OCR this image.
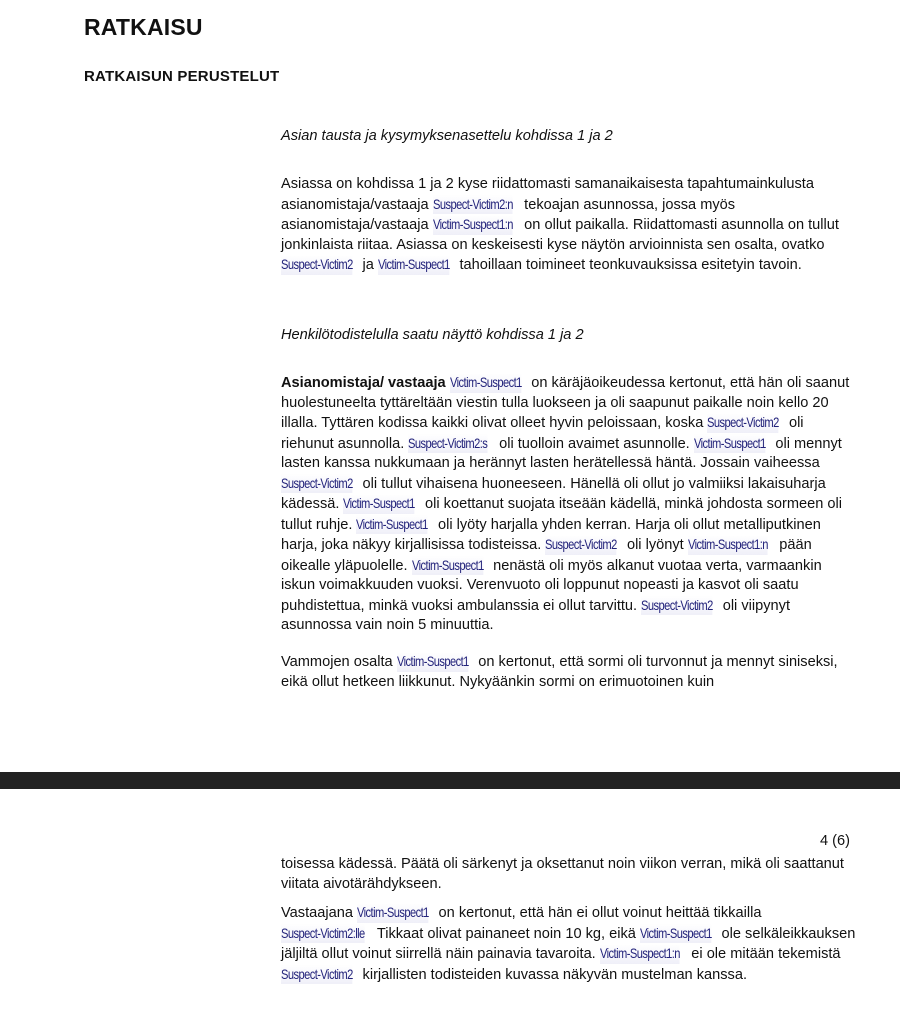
RATKAISU
RATKAISUN PERUSTELUT
Asian tausta ja kysymyksenasettelu kohdissa 1 ja 2
Asiassa on kohdissa 1 ja 2 kyse riidattomasti samanaikaisesta tapahtumainkulusta asianomistaja/vastaaja Suspect-Victim2:n tekoajan asunnossa, jossa myös asianomistaja/vastaaja Victim-Suspect1:n on ollut paikalla. Riidattomasti asunnolla on tullut jonkinlaista riitaa. Asiassa on keskeisesti kyse näytön arvioinnista sen osalta, ovatko Suspect-Victim2 ja Victim-Suspect1 tahoillaan toimineet teonkuvauksissa esitetyin tavoin.
Henkilötodistelulla saatu näyttö kohdissa 1 ja 2
Asianomistaja/ vastaaja Victim-Suspect1 on käräjäoikeudessa kertonut, että hän oli saanut huolestuneelta tyttäreltään viestin tulla luokseen ja oli saapunut paikalle noin kello 20 illalla. Tyttären kodissa kaikki olivat olleet hyvin peloissaan, koska Suspect-Victim2 oli riehunut asunnolla. Suspect-Victim2:s oli tuolloin avaimet asunnolle. Victim-Suspect1 oli mennyt lasten kanssa nukkumaan ja herännyt lasten herätellessä häntä. Jossain vaiheessa Suspect-Victim2 oli tullut vihaisena huoneeseen. Hänellä oli ollut jo valmiiksi lakaisuharja kädessä. Victim-Suspect1 oli koettanut suojata itseään kädellä, minkä johdosta sormeen oli tullut ruhje. Victim-Suspect1 oli lyöty harjalla yhden kerran. Harja oli ollut metalliputkinen harja, joka näkyy kirjallisissa todisteissa. Suspect-Victim2 oli lyönyt Victim-Suspect1:n pään oikealle yläpuolelle. Victim-Suspect1 nenästä oli myös alkanut vuotaa verta, varmaankin iskun voimakkuuden vuoksi. Verenvuoto oli loppunut nopeasti ja kasvot oli saatu puhdistettua, minkä vuoksi ambulanssia ei ollut tarvittu. Suspect-Victim2 oli viipynyt asunnossa vain noin 5 minuuttia.
Vammojen osalta Victim-Suspect1 on kertonut, että sormi oli turvonnut ja mennyt siniseksi, eikä ollut hetkeen liikkunut. Nykyäänkin sormi on erimuotoinen kuin
4 (6)
toisessa kädessä. Päätä oli särkenyt ja oksettanut noin viikon verran, mikä oli saattanut viitata aivotärähdykseen.
Vastaajana Victim-Suspect1 on kertonut, että hän ei ollut voinut heittää tikkailla Suspect-Victim2:lle Tikkaat olivat painaneet noin 10 kg, eikä Victim-Suspect1 ole selkäleikkauksen jäljiltä ollut voinut siirrellä näin painavia tavaroita. Victim-Suspect1:n ei ole mitään tekemistä Suspect-Victim2 kirjallisten todisteiden kuvassa näkyvän mustelman kanssa.
